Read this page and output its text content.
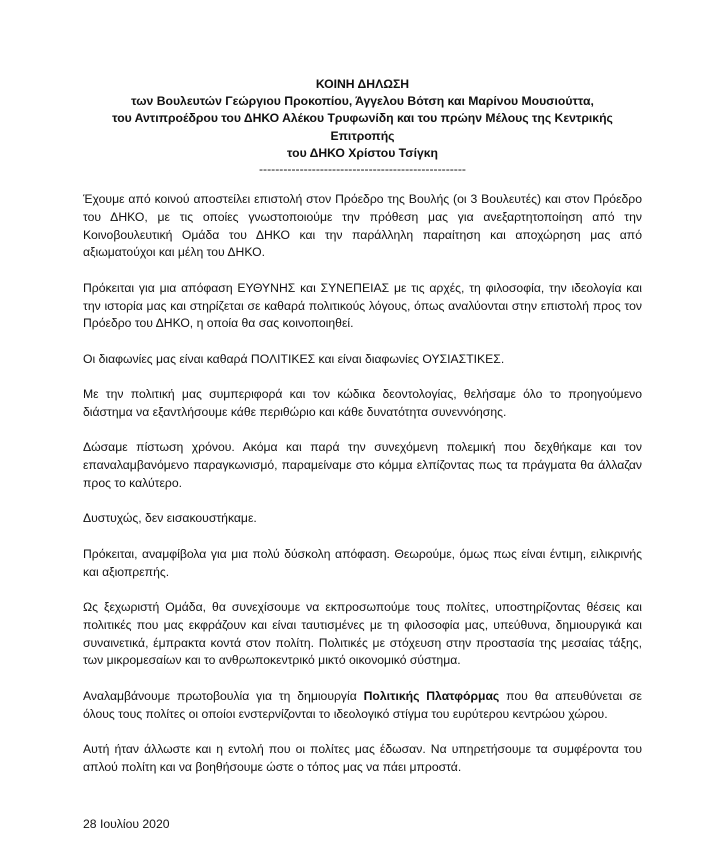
ΚΟΙΝΗ ΔΗΛΩΣΗ
των Βουλευτών Γεώργιου Προκοπίου, Άγγελου Βότση και Μαρίνου Μουσιούττα,
του Αντιπροέδρου του ΔΗΚΟ Αλέκου Τρυφωνίδη και του πρώην Μέλους της Κεντρικής Επιτροπής
του ΔΗΚΟ Χρίστου Τσίγκη
---------------------------------------------------

Έχουμε από κοινού αποστείλει επιστολή στον Πρόεδρο της Βουλής (οι 3 Βουλευτές) και στον Πρόεδρο του ΔΗΚΟ, με τις οποίες γνωστοποιούμε την πρόθεση μας για ανεξαρτητοποίηση από την Κοινοβουλευτική Ομάδα του ΔΗΚΟ και την παράλληλη παραίτηση και αποχώρηση μας από αξιωματούχοι και μέλη του ΔΗΚΟ.

Πρόκειται για μια απόφαση ΕΥΘΥΝΗΣ και ΣΥΝΕΠΕΙΑΣ με τις αρχές, τη φιλοσοφία, την ιδεολογία και την ιστορία μας και στηρίζεται σε καθαρά πολιτικούς λόγους, όπως αναλύονται στην επιστολή προς τον Πρόεδρο του ΔΗΚΟ, η οποία θα σας κοινοποιηθεί.

Οι διαφωνίες μας είναι καθαρά ΠΟΛΙΤΙΚΕΣ και είναι διαφωνίες ΟΥΣΙΑΣΤΙΚΕΣ.

Με την πολιτική μας συμπεριφορά και τον κώδικα δεοντολογίας, θελήσαμε όλο το προηγούμενο διάστημα να εξαντλήσουμε κάθε περιθώριο και κάθε δυνατότητα συνεννόησης.

Δώσαμε πίστωση χρόνου. Ακόμα και παρά την συνεχόμενη πολεμική που δεχθήκαμε και τον επαναλαμβανόμενο παραγκωνισμό, παραμείναμε στο κόμμα ελπίζοντας πως τα πράγματα θα άλλαζαν προς το καλύτερο.

Δυστυχώς, δεν εισακουστήκαμε.

Πρόκειται, αναμφίβολα για μια πολύ δύσκολη απόφαση. Θεωρούμε, όμως πως είναι έντιμη, ειλικρινής και αξιοπρεπής.

Ως ξεχωριστή Ομάδα, θα συνεχίσουμε να εκπροσωπούμε τους πολίτες, υποστηρίζοντας θέσεις και πολιτικές που μας εκφράζουν και είναι ταυτισμένες με τη φιλοσοφία μας, υπεύθυνα, δημιουργικά και συναινετικά, έμπρακτα κοντά στον πολίτη. Πολιτικές με στόχευση στην προστασία της μεσαίας τάξης, των μικρομεσαίων και το ανθρωποκεντρικό μικτό οικονομικό σύστημα.

Αναλαμβάνουμε πρωτοβουλία για τη δημιουργία Πολιτικής Πλατφόρμας που θα απευθύνεται σε όλους τους πολίτες οι οποίοι ενστερνίζονται το ιδεολογικό στίγμα του ευρύτερου κεντρώου χώρου.

Αυτή ήταν άλλωστε και η εντολή που οι πολίτες μας έδωσαν. Να υπηρετήσουμε τα συμφέροντα του απλού πολίτη και να βοηθήσουμε ώστε ο τόπος μας να πάει μπροστά.

28 Ιουλίου 2020
